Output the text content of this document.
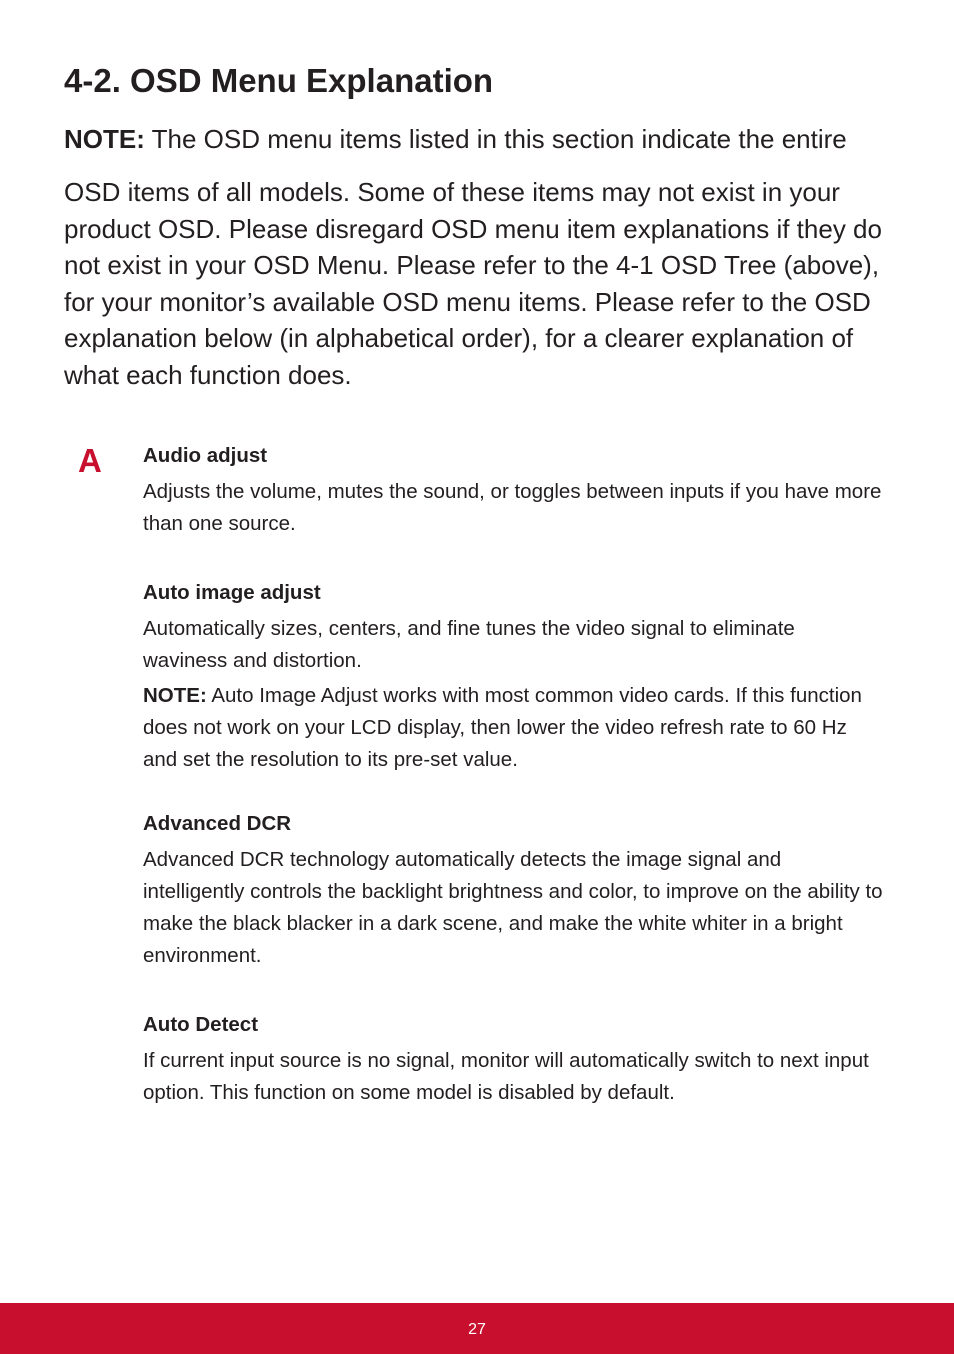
4-2. OSD Menu Explanation

NOTE: The OSD menu items listed in this section indicate the entire

OSD items of all models. Some of these items may not exist in your product OSD. Please disregard OSD menu item explanations if they do not exist in your OSD Menu. Please refer to the 4-1 OSD Tree (above), for your monitor’s available OSD menu items. Please refer to the OSD explanation below (in alphabetical order), for a clearer explanation of what each function does.

A Audio adjust

Adjusts the volume, mutes the sound, or toggles between inputs if you have more than one source.

Auto image adjust

Automatically sizes, centers, and fine tunes the video signal to eliminate waviness and distortion.

NOTE: Auto Image Adjust works with most common video cards. If this function does not work on your LCD display, then lower the video refresh rate to 60 Hz and set the resolution to its pre-set value.

Advanced DCR

Advanced DCR technology automatically detects the image signal and intelligently controls the backlight brightness and color, to improve on the ability to make the black blacker in a dark scene, and make the white whiter in a bright environment.

Auto Detect

If current input source is no signal, monitor will automatically switch to next input option. This function on some model is disabled by default.

27
